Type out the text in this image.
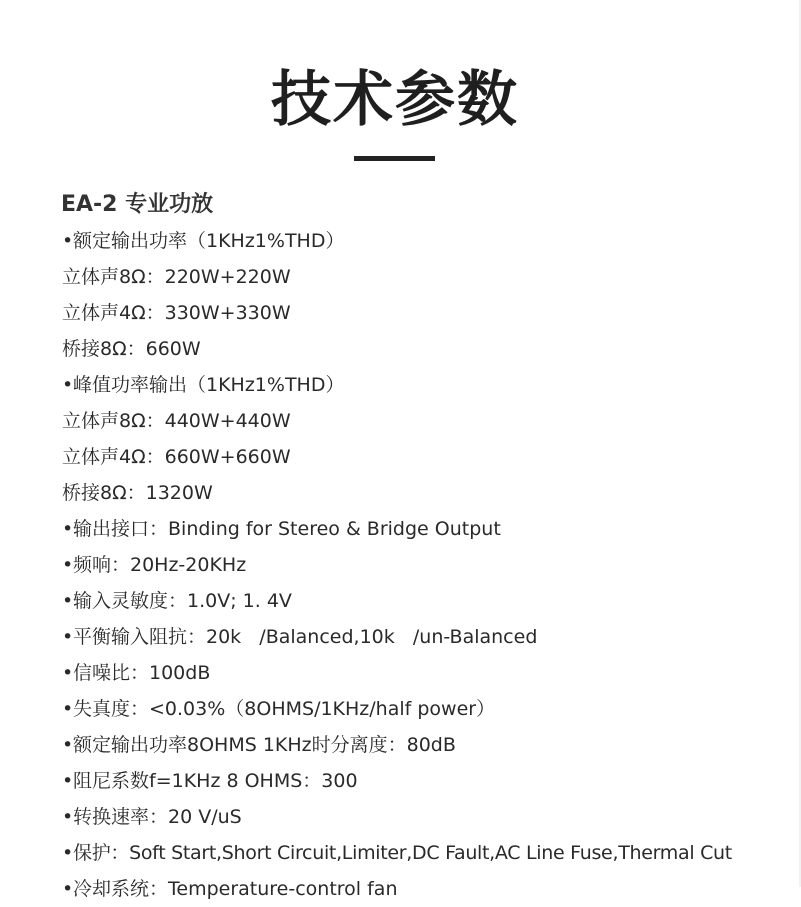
技术参数
EA-2 专业功放
•额定输出功率（1KHz1%THD）
立体声8Ω：220W+220W
立体声4Ω：330W+330W
桥接8Ω：660W
•峰值功率输出（1KHz1%THD）
立体声8Ω：440W+440W
立体声4Ω：660W+660W
桥接8Ω：1320W
•输出接口：Binding for Stereo & Bridge Output
•频响：20Hz-20KHz
•输入灵敏度：1.0V; 1. 4V
•平衡输入阻抗：20k   /Balanced,10k   /un-Balanced
•信噪比：100dB
•失真度：<0.03%（8OHMS/1KHz/half power）
•额定输出功率8OHMS 1KHz时分离度：80dB
•阻尼系数f=1KHz 8 OHMS：300
•转换速率：20 V/uS
•保护：Soft Start,Short Circuit,Limiter,DC Fault,AC Line Fuse,Thermal Cut
•冷却系统：Temperature-control fan
